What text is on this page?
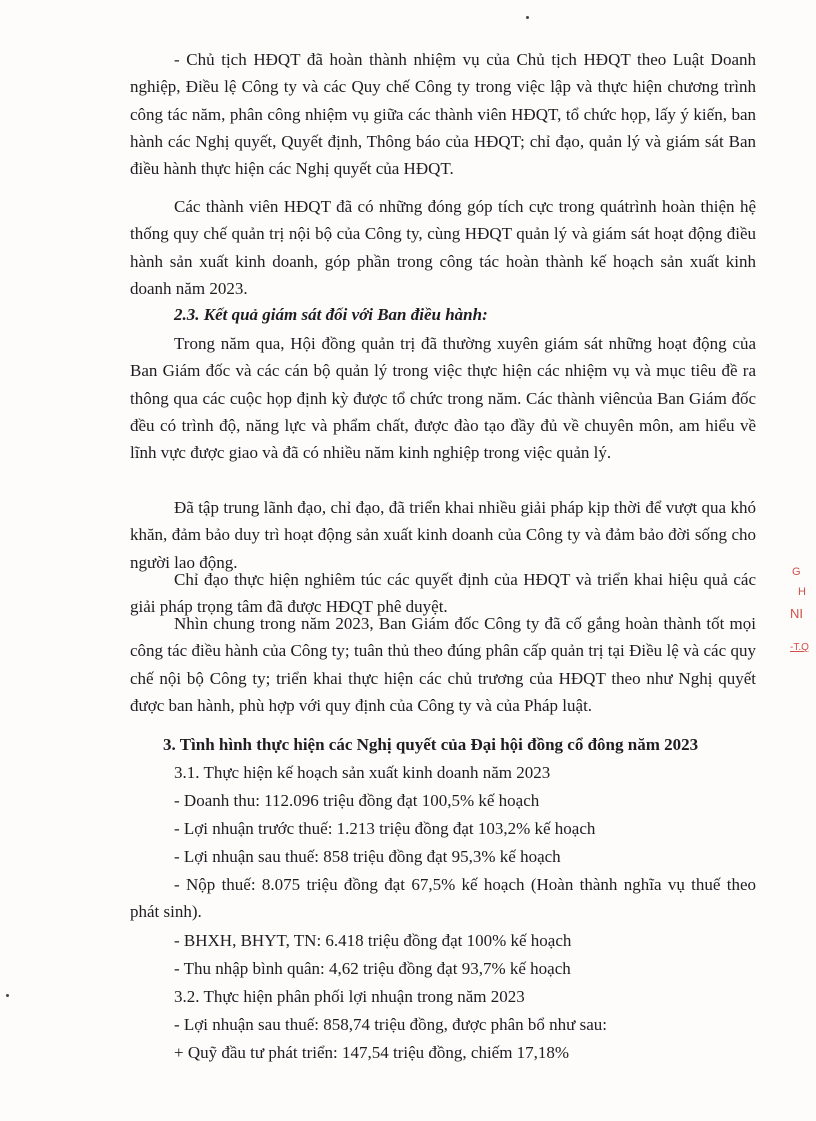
- Chủ tịch HĐQT đã hoàn thành nhiệm vụ của Chủ tịch HĐQT theo Luật Doanh nghiệp, Điều lệ Công ty và các Quy chế Công ty trong việc lập và thực hiện chương trình công tác năm, phân công nhiệm vụ giữa các thành viên HĐQT, tổ chức họp, lấy ý kiến, ban hành các Nghị quyết, Quyết định, Thông báo của HĐQT; chỉ đạo, quản lý và giám sát Ban điều hành thực hiện các Nghị quyết của HĐQT.

Các thành viên HĐQT đã có những đóng góp tích cực trong quátrình hoàn thiện hệ thống quy chế quản trị nội bộ của Công ty, cùng HĐQT quản lý và giám sát hoạt động điều hành sản xuất kinh doanh, góp phần trong công tác hoàn thành kế hoạch sản xuất kinh doanh năm 2023.

2.3. Kết quả giám sát đối với Ban điều hành:

Trong năm qua, Hội đồng quản trị đã thường xuyên giám sát những hoạt động của Ban Giám đốc và các cán bộ quản lý trong việc thực hiện các nhiệm vụ và mục tiêu đề ra thông qua các cuộc họp định kỳ được tổ chức trong năm. Các thành viêncủa Ban Giám đốc đều có trình độ, năng lực và phẩm chất, được đào tạo đầy đủ về chuyên môn, am hiểu về lĩnh vực được giao và đã có nhiều năm kinh nghiệp trong việc quản lý.

Đã tập trung lãnh đạo, chỉ đạo, đã triển khai nhiều giải pháp kịp thời để vượt qua khó khăn, đảm bảo duy trì hoạt động sản xuất kinh doanh của Công ty và đảm bảo đời sống cho người lao động.

Chỉ đạo thực hiện nghiêm túc các quyết định của HĐQT và triển khai hiệu quả các giải pháp trọng tâm đã được HĐQT phê duyệt.

Nhìn chung trong năm 2023, Ban Giám đốc Công ty đã cố gắng hoàn thành tốt mọi công tác điều hành của Công ty; tuân thủ theo đúng phân cấp quản trị tại Điều lệ và các quy chế nội bộ Công ty; triển khai thực hiện các chủ trương của HĐQT theo như Nghị quyết được ban hành, phù hợp với quy định của Công ty và của Pháp luật.

3. Tình hình thực hiện các Nghị quyết của Đại hội đồng cổ đông năm 2023

3.1. Thực hiện kế hoạch sản xuất kinh doanh năm 2023

- Doanh thu: 112.096 triệu đồng đạt 100,5% kế hoạch

- Lợi nhuận trước thuế: 1.213 triệu đồng đạt 103,2% kế hoạch

- Lợi nhuận sau thuế: 858 triệu đồng đạt 95,3% kế hoạch

- Nộp thuế: 8.075 triệu đồng đạt 67,5% kế hoạch (Hoàn thành nghĩa vụ thuế theo phát sinh).

- BHXH, BHYT, TN: 6.418 triệu đồng đạt 100% kế hoạch

- Thu nhập bình quân: 4,62 triệu đồng đạt 93,7% kế hoạch

3.2. Thực hiện phân phối lợi nhuận trong năm 2023

- Lợi nhuận sau thuế: 858,74 triệu đồng, được phân bổ như sau:

+ Quỹ đầu tư phát triển: 147,54 triệu đồng, chiếm 17,18%

G
H
NI
-T.Q
